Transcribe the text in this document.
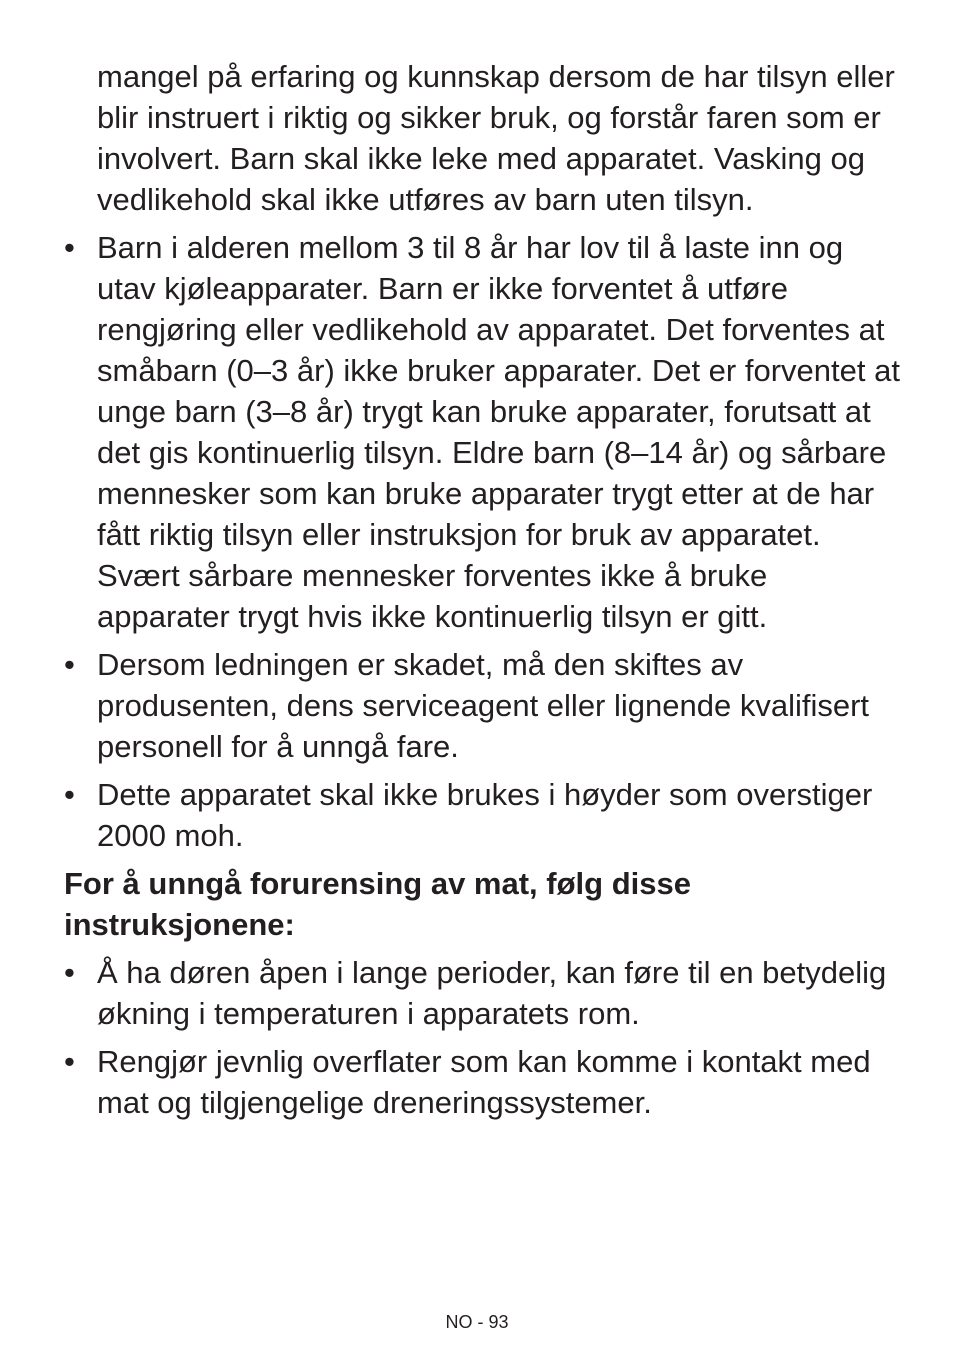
mangel på erfaring og kunnskap dersom de har tilsyn eller blir instruert i riktig og sikker bruk, og forstår faren som er involvert. Barn skal ikke leke med apparatet. Vasking og vedlikehold skal ikke utføres av barn uten tilsyn.

• Barn i alderen mellom 3 til 8 år har lov til å laste inn og utav kjøleapparater. Barn er ikke forventet å utføre rengjøring eller vedlikehold av apparatet. Det forventes at småbarn (0–3 år) ikke bruker apparater. Det er forventet at unge barn (3–8 år) trygt kan bruke apparater, forutsatt at det gis kontinuerlig tilsyn. Eldre barn (8–14 år) og sårbare mennesker som kan bruke apparater trygt etter at de har fått riktig tilsyn eller instruksjon for bruk av apparatet. Svært sårbare mennesker forventes ikke å bruke apparater trygt hvis ikke kontinuerlig tilsyn er gitt.

• Dersom ledningen er skadet, må den skiftes av produsenten, dens serviceagent eller lignende kvalifisert personell for å unngå fare.

• Dette apparatet skal ikke brukes i høyder som overstiger 2000 moh.

For å unngå forurensing av mat, følg disse instruksjonene:
• Å ha døren åpen i lange perioder, kan føre til en betydelig økning i temperaturen i apparatets rom.

• Rengjør jevnlig overflater som kan komme i kontakt med mat og tilgjengelige dreneringssystemer.

NO - 93
